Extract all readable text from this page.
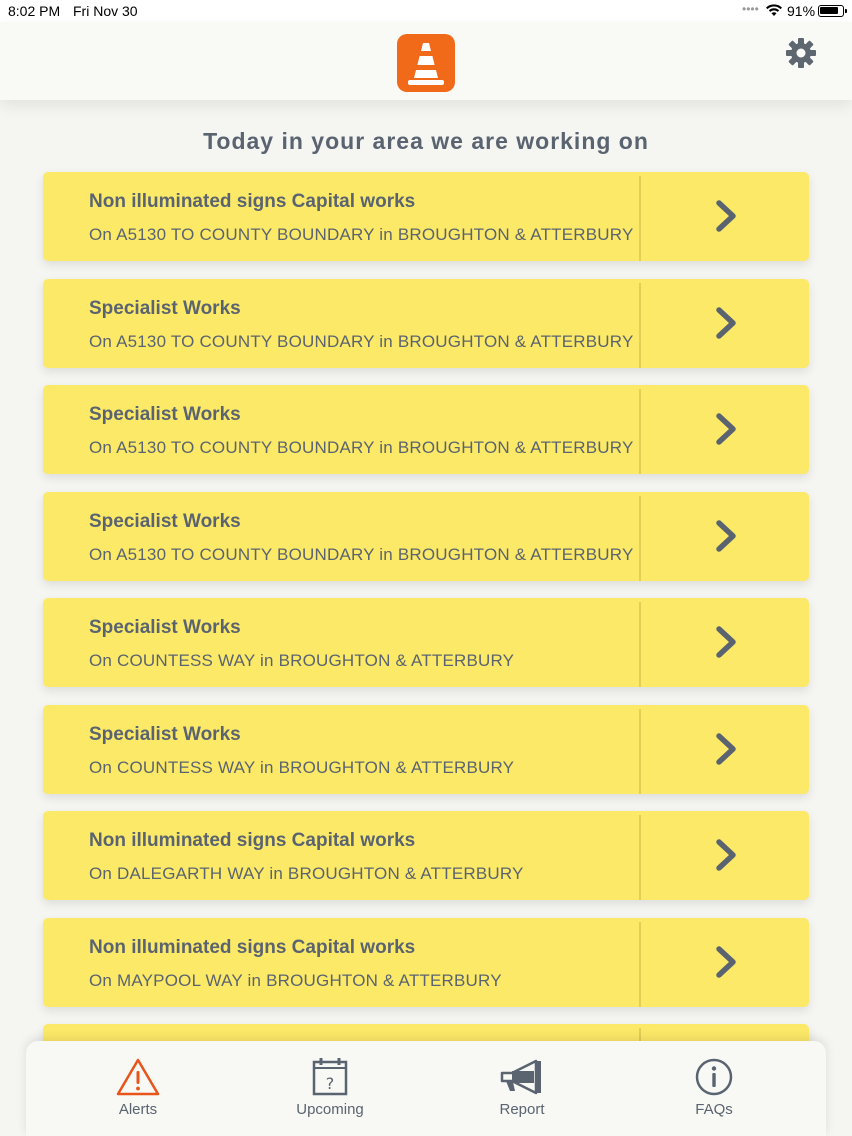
8:02 PM Fri Nov 30	•••• 91%
Today in your area we are working on
Non illuminated signs Capital works
On A5130 TO COUNTY BOUNDARY in BROUGHTON & ATTERBURY
Specialist Works
On A5130 TO COUNTY BOUNDARY in BROUGHTON & ATTERBURY
Specialist Works
On A5130 TO COUNTY BOUNDARY in BROUGHTON & ATTERBURY
Specialist Works
On A5130 TO COUNTY BOUNDARY in BROUGHTON & ATTERBURY
Specialist Works
On COUNTESS WAY in BROUGHTON & ATTERBURY
Specialist Works
On COUNTESS WAY in BROUGHTON & ATTERBURY
Non illuminated signs Capital works
On DALEGARTH WAY in BROUGHTON & ATTERBURY
Non illuminated signs Capital works
On MAYPOOL WAY in BROUGHTON & ATTERBURY
Alerts
?
Upcoming	Report	FAQs
